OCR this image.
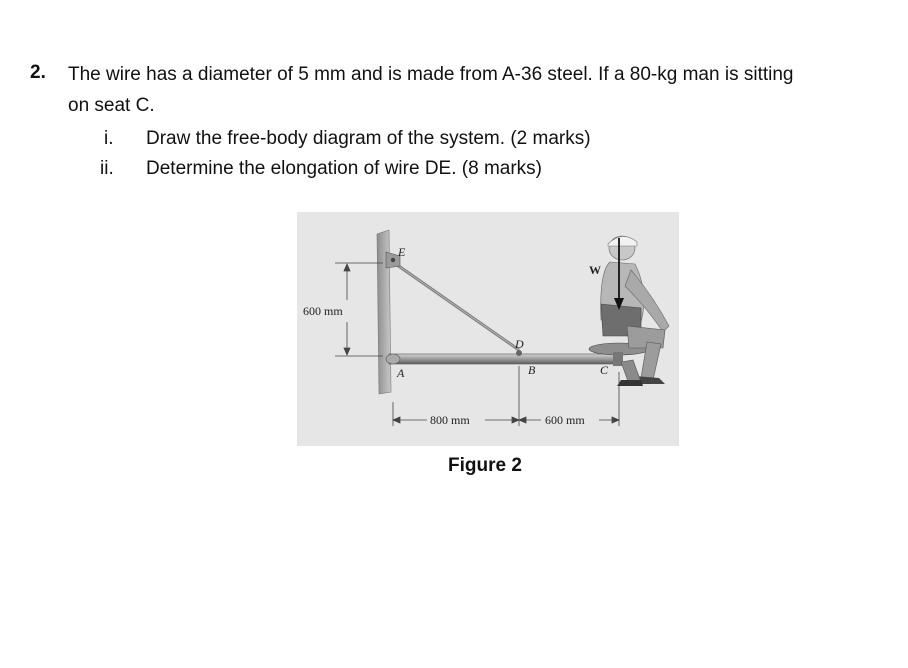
2. The wire has a diameter of 5 mm and is made from A-36 steel. If a 80-kg man is sitting
on seat C.
i. Draw the free-body diagram of the system. (2 marks)
ii. Determine the elongation of wire DE. (8 marks)
600 mm
E
D
A	B	C
W
800 mm	600 mm
Figure 2
